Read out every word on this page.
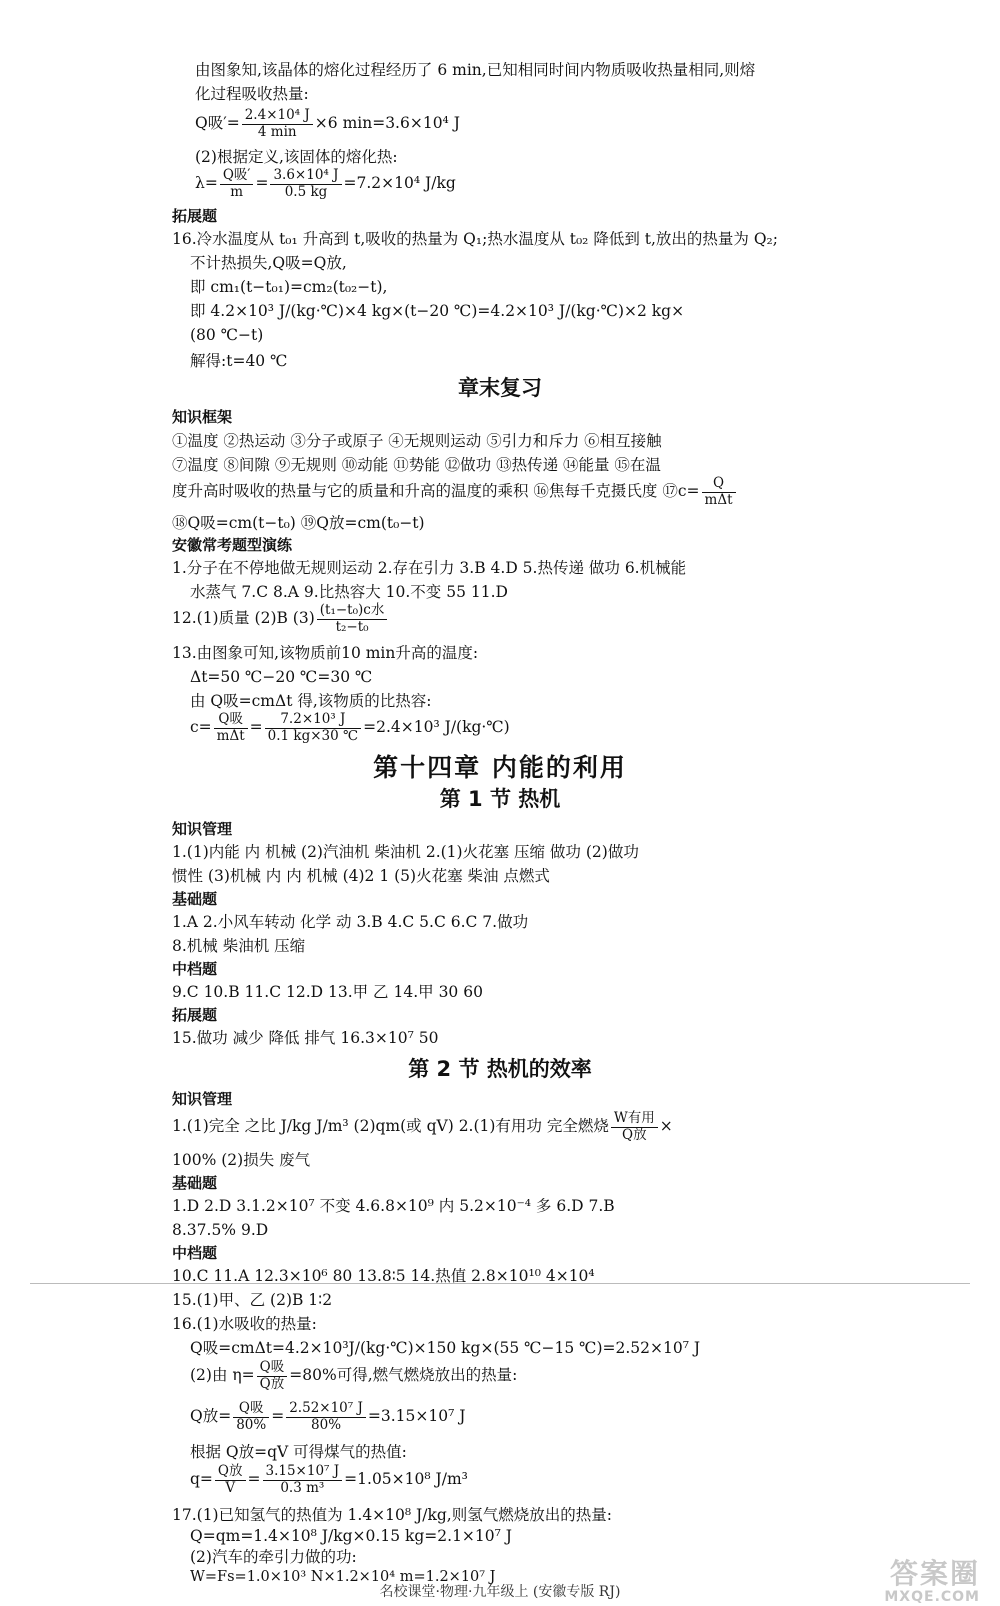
由图象知,该晶体的熔化过程经历了 6 min,已知相同时间内物质吸收热量相同,则熔
化过程吸收热量:
Q吸′= $\frac{\text{2.4×10⁴ J}}{4 \min} \times 6$ min=3.6×10⁴ J
(2)根据定义,该固体的熔化热:
$\lambda= \frac{\text{Q吸′}}{m} = \frac{\text{3.6×10⁴ J}}{0.5 kg} =7.2\times 10^4$ J/kg
拓展题
16.冷水温度从 t₀₁ 升高到 t,吸收的热量为 Q₁;热水温度从 t₀₂ 降低到 t,放出的热量为 Q₂;
不计热损失,Q吸=Q放,
即 cm₁(t−t₀₁)=cm₂(t₀₂−t),
即 4.2×10³ J/(kg·℃)×4 kg×(t−20 ℃)=4.2×10³ J/(kg·℃)×2 kg×
(80 ℃−t)
解得:t=40 ℃
章末复习
知识框架
①温度 ②热运动 ③分子或原子 ④无规则运动 ⑤引力和斥力 ⑥相互接触
⑦温度 ⑧间隙 ⑨无规则 ⑩动能 ⑪势能 ⑫做功 ⑬热传递 ⑭能量 ⑮在温
度升高时吸收的热量与它的质量和升高的温度的乘积 ⑯焦每千克摄氏度 ⑰c= $\frac{Q}{\text{mΔt}}$
⑱Q吸=cm(t−t₀) ⑲Q放=cm(t₀−t)
安徽常考题型演练
1.分子在不停地做无规则运动 2.存在引力 3.B 4.D 5.热传递 做功 6.机械能
水蒸气 7.C 8.A 9.比热容大 10.不变 55 11.D
12.(1)质量 (2)B $(3) \frac{\text{(t₁−t₀)c水}}{\text{t₂−t₀}}$
13.由图象可知,该物质前10 min升高的温度:
Δt=50 ℃−20 ℃=30 ℃
由 Q吸=cmΔt 得,该物质的比热容:
$c= \frac{\text{Q吸}}{\text{mΔt}} = \frac{\text{7.2×10³ J}}{0.1 kg\times 30 ℃} =2.4\times 10^3$ J/(kg·℃)
第十四章 内能的利用
第 1 节 热机
知识管理
1.(1)内能 内 机械 (2)汽油机 柴油机 2.(1)火花塞 压缩 做功 (2)做功
惯性 (3)机械 内 内 机械 (4)2 1 (5)火花塞 柴油 点燃式
基础题
1.A 2.小风车转动 化学 动 3.B 4.C 5.C 6.C 7.做功
8.机械 柴油机 压缩
中档题
9.C 10.B 11.C 12.D 13.甲 乙 14.甲 30 60
拓展题
15.做功 减少 降低 排气 16.3×10⁷ 50
第 2 节 热机的效率
知识管理
1.(1)完全 之比 J/kg J/m³ (2)qm(或 qV) 2.(1)有用功 完全燃烧 $\frac{\text{W有用}}{\text{Q放}}$ ×
100% (2)损失 废气
基础题
1.D 2.D 3.1.2×10⁷ 不变 4.6.8×10⁹ 内 5.2×10⁻⁴ 多 6.D 7.B
8.37.5% 9.D
中档题
10.C 11.A 12.3×10⁶ 80 13.8∶5 14.热值 2.8×10¹⁰ 4×10⁴
15.(1)甲、乙 (2)B 1∶2
16.(1)水吸收的热量:
Q吸=cmΔt=4.2×10³J/(kg·℃)×150 kg×(55 ℃−15 ℃)=2.52×10⁷ J
(2)由 $\eta= \frac{\text{Q吸}}{\text{Q放}} =80\%$可得,燃气燃烧放出的热量:
Q放= $\frac{\text{Q吸}}{80\%} = \frac{\text{2.52×10⁷ J}}{80\%} =3.15\times 10^7$ J
根据 Q放=qV 可得煤气的热值:
$q= \frac{\text{Q放}}{V} = \frac{\text{3.15×10⁷ J}}{\text{0.3 m³}} =1.05\times 10^8$ J/m³
17.(1)已知氢气的热值为 1.4×10⁸ J/kg,则氢气燃烧放出的热量:
Q=qm=1.4×10⁸ J/kg×0.15 kg=2.1×10⁷ J
(2)汽车的牵引力做的功:
W=Fs=1.0×10³ N×1.2×10⁴ m=1.2×10⁷ J
名校课堂·物理·九年级上 (安徽专版 RJ)
答案圈
MXQE.COM
